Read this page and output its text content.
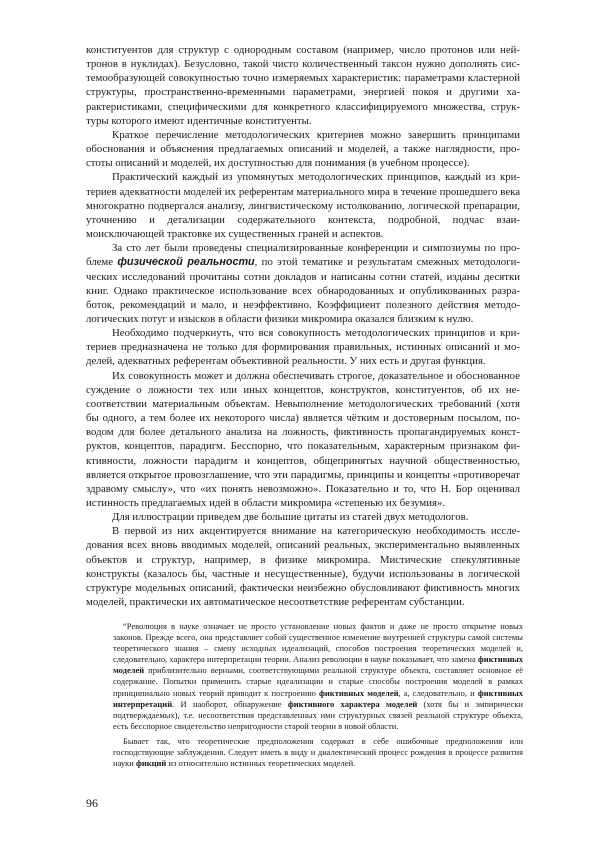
конституентов для структур с однородным составом (например, число протонов или нейтронов в нуклидах). Безусловно, такой чисто количественный таксон нужно дополнять системообразующей совокупностью точно измеряемых характеристик: параметрами кластерной структуры, пространственно-временными параметрами, энергией покоя и другими характеристиками, специфическими для конкретного классифицируемого множества, структуры которого имеют идентичные конституенты.

Краткое перечисление методологических критериев можно завершить принципами обоснования и объяснения предлагаемых описаний и моделей, а также наглядности, простоты описаний и моделей, их доступностью для понимания (в учебном процессе).

Практический каждый из упомянутых методологических принципов, каждый из критериев адекватности моделей их референтам материального мира в течение прошедшего века многократно подвергался анализу, лингвистическому истолкованию, логической препарации, уточнению и детализации содержательного контекста, подробной, подчас взаимоисключающей трактовке их существенных граней и аспектов.

За сто лет были проведены специализированные конференции и симпозиумы по проблеме физической реальности, по этой тематике и результатам смежных методологических исследований прочитаны сотни докладов и написаны сотни статей, изданы десятки книг. Однако практическое использование всех обнародованных и опубликованных разработок, рекомендаций и мало, и неэффективно. Коэффициент полезного действия методологических потуг и изысков в области физики микромира оказался близким к нулю.

Необходимо подчеркнуть, что вся совокупность методологических принципов и критериев предназначена не только для формирования правильных, истинных описаний и моделей, адекватных референтам объективной реальности. У них есть и другая функция.

Их совокупность может и должна обеспечивать строгое, доказательное и обоснованное суждение о ложности тех или иных концептов, конструктов, конституентов, об их несоответствии материальным объектам. Невыполнение методологических требований (хотя бы одного, а тем более их некоторого числа) является чётким и достоверным посылом, поводом для более детального анализа на ложность, фиктивность пропагандируемых конструктов, концептов, парадигм. Бесспорно, что показательным, характерным признаком фиктивности, ложности парадигм и концептов, общепринятых научной общественностью, является открытое провозглашение, что эти парадигмы, принципы и концепты «противоречат здравому смыслу», что «их понять невозможно». Показательно и то, что Н. Бор оценивал истинность предлагаемых идей в области микромира «степенью их безумия».

Для иллюстрации приведем две большие цитаты из статей двух методологов.

В первой из них акцентируется внимание на категорическую необходимость исследования всех вновь вводимых моделей, описаний реальных, экспериментально выявленных объектов и структур, например, в физике микромира. Мистические спекулятивные конструкты (казалось бы, частные и несущественные), будучи использованы в логической структуре модельных описаний, фактически неизбежно обусловливают фиктивность многих моделей, практически их автоматическое несоответствие референтам субстанции.

“Революция в науке означает не просто установление новых фактов и даже не просто открытие новых законов. Прежде всего, она представляет собой существенное изменение внутренней структуры самой системы теоретического знания – смену исходных идеализаций, способов построения теоретических моделей и, следовательно, характера интерпретации теории. Анализ революции в науке показывает, что замена фиктивных моделей приблизительно верными, соответствующими реальной структуре объекта, составляет основное её содержание. Попытки применить старые идеализации и старые способы построения моделей в рамках принципиально новых теорий приводит к построению фиктивных моделей, а, следовательно, и фиктивных интерпретаций. И наоборот, обнаружение фиктивного характера моделей (хотя бы и эмпирически подтверждаемых), т.е. несоответствия представленных ими структурных связей реальной структуре объекта, есть бесспорное свидетельство непригодности старой теории в новой области.

Бывает так, что теоретические предположения содержат в себе ошибочные предположения или господствующие заблуждения. Следует иметь в виду и диалектический процесс рождения в процессе развития науки фикций из относительно истинных теоретических моделей.

96
